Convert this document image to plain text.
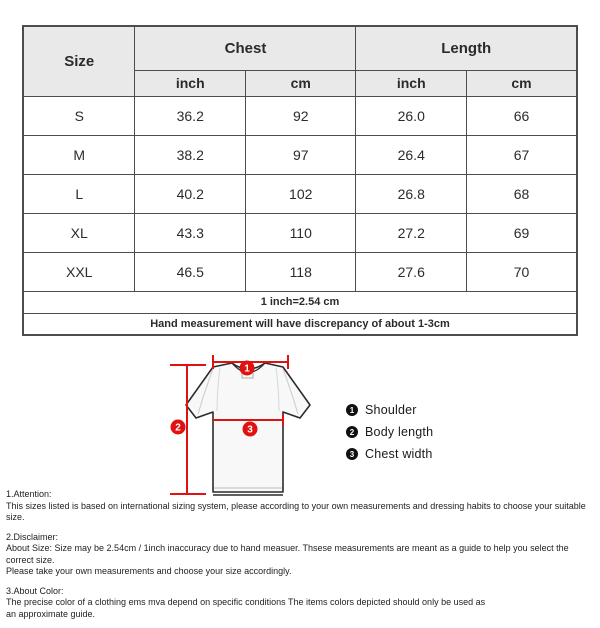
Size	Chest		Length	
	inch	cm	inch	cm
S	36.2	92	26.0	66
M	38.2	97	26.4	67
L	40.2	102	26.8	68
XL	43.3	110	27.2	69
XXL	46.5	118	27.6	70
1 inch=2.54 cm				
Hand measurement will have discrepancy of about 1-3cm				
1
2	3
1 Shoulder
2 Body length
3 Chest width
1.Attention:
This sizes listed is based on international sizing system, please according to your own measurements and dressing habits to choose your suitable size.
2.Disclaimer:
About Size: Size may be 2.54cm / 1inch inaccuracy due to hand measuer. Thsese measurements are meant as a guide to help you select the correct size.
Please take your own measurements and choose your size accordingly.
3.About Color:
The precise color of a clothing ems mva depend on specific conditions The items colors depicted should only be used as
an approximate guide.
